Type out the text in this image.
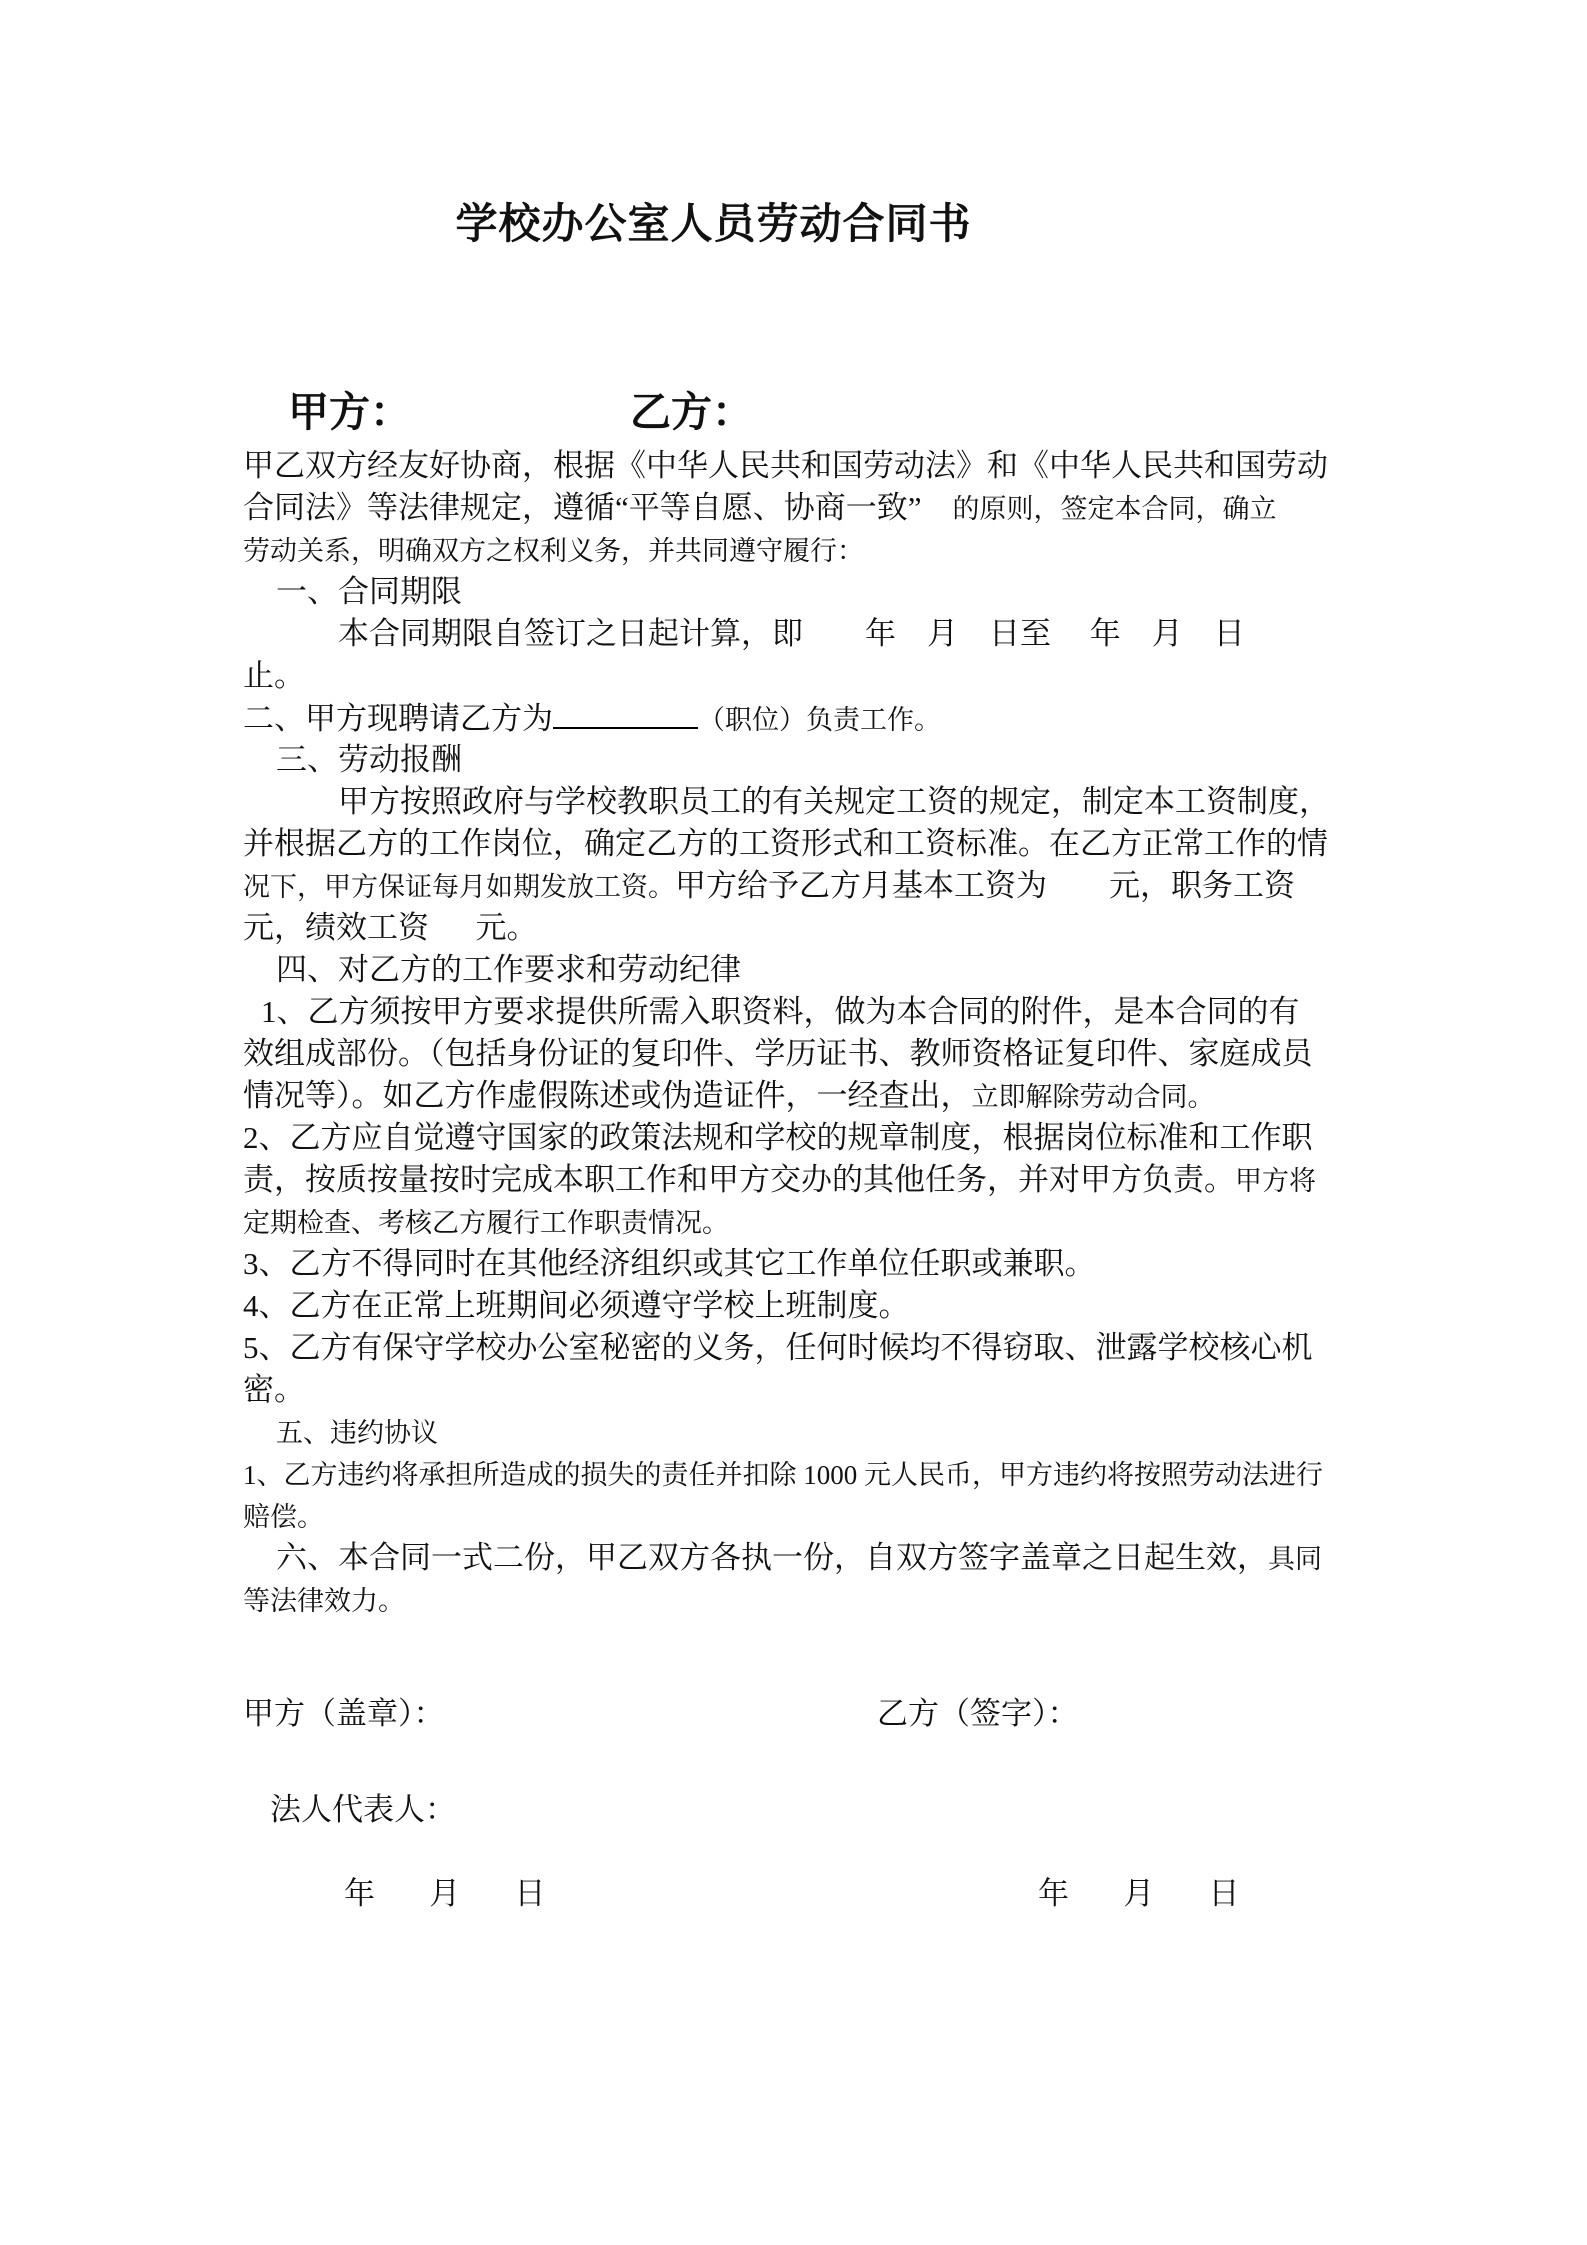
学校办公室人员劳动合同书
甲方：	乙方：
甲乙双方经友好协商，根据《中华人民共和国劳动法》和《中华人民共和国劳动
合同法》等法律规定，遵循“平等自愿、协商一致”    的原则，签定本合同，确立
劳动关系，明确双方之权利义务，并共同遵守履行：
一、合同期限
本合同期限自签订之日起计算，即        年    月    日至     年    月    日
止。
二、甲方现聘请乙方为	（职位）负责工作。
三、劳动报酬
甲方按照政府与学校教职员工的有关规定工资的规定，制定本工资制度，
并根据乙方的工作岗位，确定乙方的工资形式和工资标准。在乙方正常工作的情
况下，甲方保证每月如期发放工资。甲方给予乙方月基本工资为        元，职务工资
元，绩效工资      元。
四、对乙方的工作要求和劳动纪律
1、乙方须按甲方要求提供所需入职资料，做为本合同的附件，是本合同的有
效组成部份。（包括身份证的复印件、学历证书、教师资格证复印件、家庭成员
情况等）。如乙方作虚假陈述或伪造证件，一经查出，立即解除劳动合同。
2、乙方应自觉遵守国家的政策法规和学校的规章制度，根据岗位标准和工作职
责，按质按量按时完成本职工作和甲方交办的其他任务，并对甲方负责。甲方将
定期检查、考核乙方履行工作职责情况。
3、乙方不得同时在其他经济组织或其它工作单位任职或兼职。
4、乙方在正常上班期间必须遵守学校上班制度。
5、乙方有保守学校办公室秘密的义务，任何时候均不得窃取、泄露学校核心机
密。
五、违约协议
1、乙方违约将承担所造成的损失的责任并扣除 1000 元人民币，甲方违约将按照劳动法进行
赔偿。
六、本合同一式二份，甲乙双方各执一份，自双方签字盖章之日起生效，具同
等法律效力。
甲方（盖章）：	乙方（签字）：
法人代表人：
年       月       日	年       月       日
